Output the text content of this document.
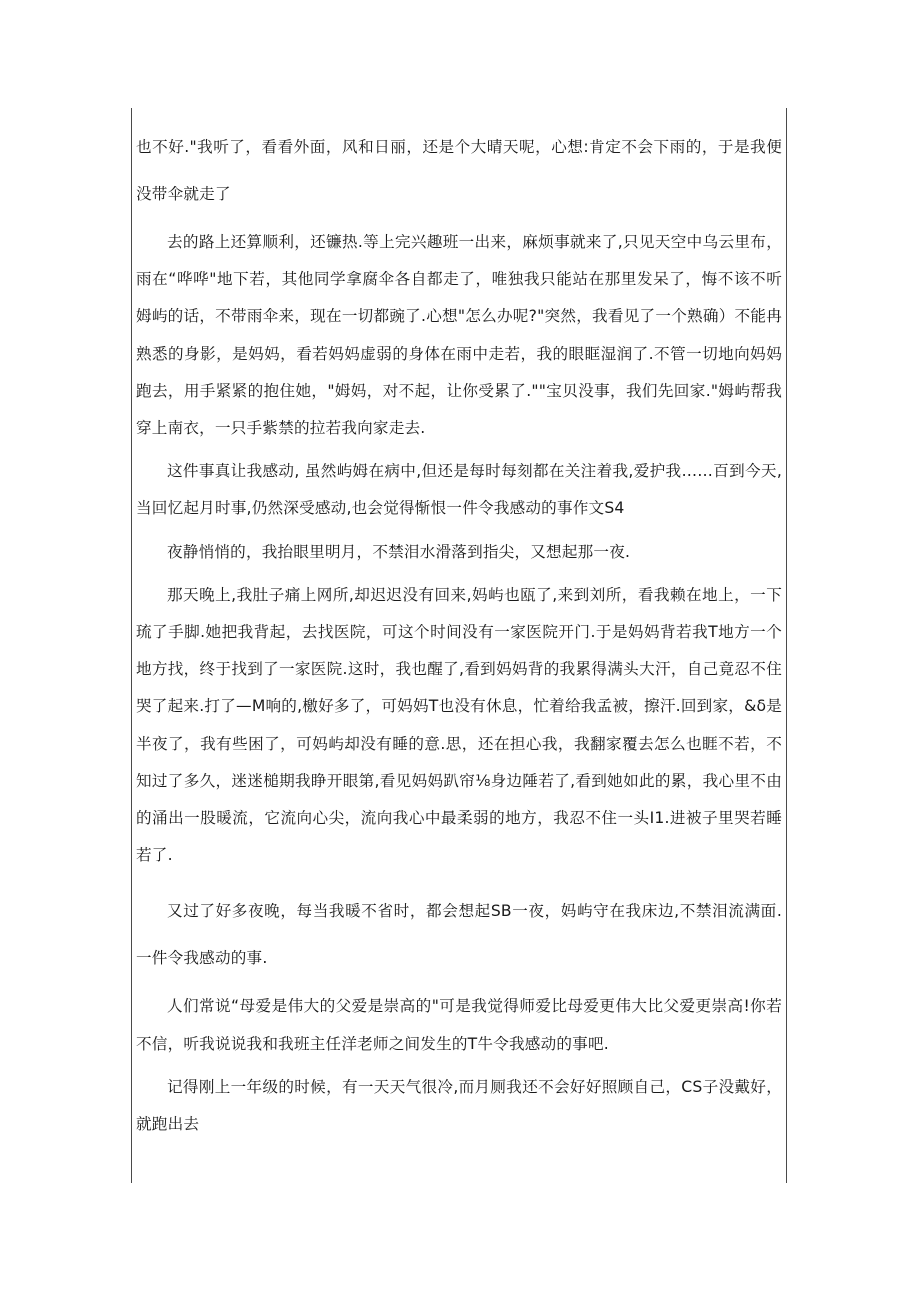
也不好."我听了，看看外面，风和日丽，还是个大晴天呢，心想:肯定不会下雨的，于是我便没带伞就走了

去的路上还算顺利，还镰热.等上完兴趣班一出来，麻烦事就来了,只见天空中乌云里布，雨在“哗哗"地下若，其他同学拿腐伞各自都走了，唯独我只能站在那里发呆了，悔不该不听姆屿的话，不带雨伞来，现在一切都豌了.心想"怎么办呢?"突然，我看见了一个熟确）不能冉熟悉的身影，是妈妈，看若妈妈虚弱的身体在雨中走若，我的眼眶湿润了.不管一切地向妈妈跑去，用手紧紧的抱住她，"姆妈，对不起，让你受累了.""宝贝没事，我们先回家."姆屿帮我穿上南衣，一只手紫禁的拉若我向家走去.

这件事真让我感动, 虽然屿姆在病中,但还是每时每刻都在关注着我,爱护我……百到今天,当回忆起月时事,仍然深受感动,也会觉得惭恨一件令我感动的事作文S4

夜静悄悄的，我抬眼里明月，不禁泪水滑落到指尖，又想起那一夜.

那天晚上,我肚子痛上网所,却迟迟没有回来,妈屿也瓯了,来到刘所，看我赖在地上，一下琉了手脚.她把我背起，去找医院，可这个时间没有一家医院开门.于是妈妈背若我T地方一个地方找，终于找到了一家医院.这时，我也醒了,看到妈妈背的我累得满头大汗，自己竟忍不住哭了起来.打了—M响的,檄好多了，可妈妈T也没有休息，忙着给我孟被，擦汗.回到家，&δ是半夜了，我有些困了，可妈屿却没有睡的意.思，还在担心我，我翻家覆去怎么也睚不若，不知过了多久，迷迷槌期我睁开眼第,看见妈妈趴帘⅛身边陲若了,看到她如此的累，我心里不由的涌出一股暖流，它流向心尖，流向我心中最柔弱的地方，我忍不住一头I1.进被子里哭若睡若了.

又过了好多夜晚，每当我暖不省时，都会想起SB一夜，妈屿守在我床边,不禁泪流满面.一件令我感动的事.

人们常说“母爱是伟大的父爱是崇高的"可是我觉得师爱比母爱更伟大比父爱更崇高!你若不信，听我说说我和我班主任洋老师之间发生的T牛令我感动的事吧.

记得刚上一年级的时候，有一天天气很冷,而月厕我还不会好好照顾自己，CS子没戴好，就跑出去
